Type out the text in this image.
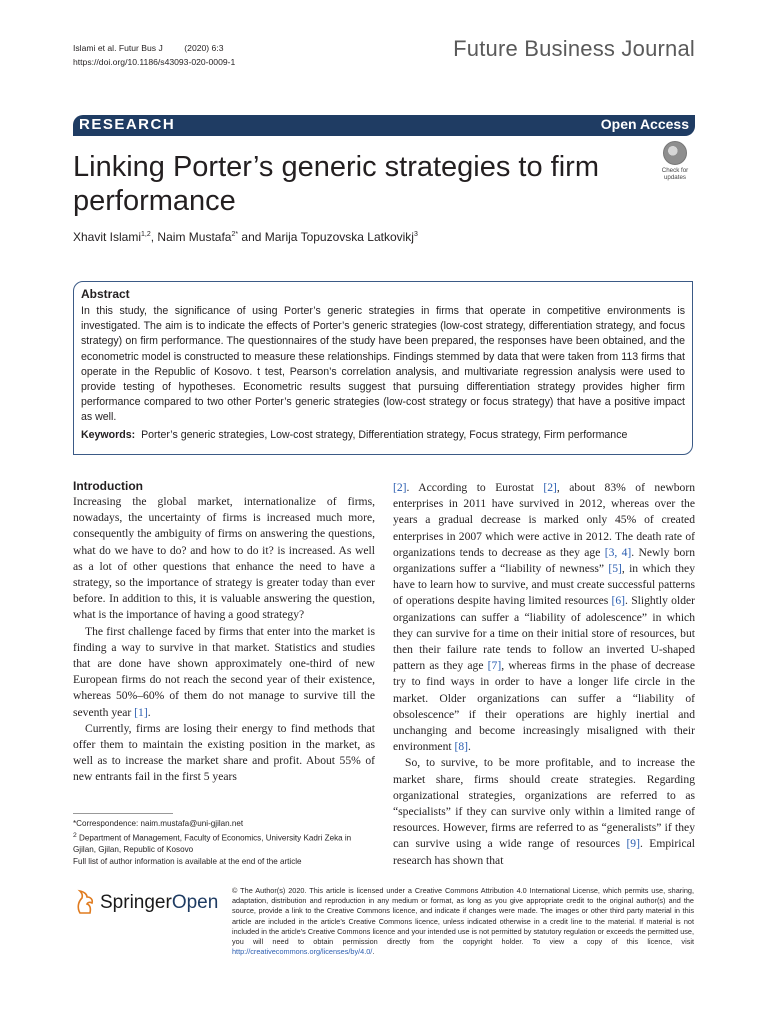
Islami et al. Futur Bus J	(2020) 6:3
https://doi.org/10.1186/s43093-020-0009-1
Future Business Journal
RESEARCH	Open Access
Linking Porter’s generic strategies to firm performance
Check for
updates
Xhavit Islami$^{1,2}$, Naim Mustafa$^{2*}$ and Marija Topuzovska Latkovikj$^3$
Abstract
In this study, the significance of using Porter’s generic strategies in firms that operate in competitive environments is investigated. The aim is to indicate the effects of Porter’s generic strategies (low-cost strategy, differentiation strategy, and focus strategy) on firm performance. The questionnaires of the study have been prepared, the responses have been obtained, and the econometric model is constructed to measure these relationships. Findings stemmed by data that were taken from 113 firms that operate in the Republic of Kosovo. t test, Pearson’s correlation analysis, and multivariate regression analysis were used to provide testing of hypotheses. Econometric results suggest that pursuing differentiation strategy provides higher firm performance compared to two other Porter’s generic strategies (low-cost strategy or focus strategy) that have a positive impact as well.
Keywords: Porter’s generic strategies, Low-cost strategy, Differentiation strategy, Focus strategy, Firm performance
Introduction

Increasing the global market, internationalize of firms, nowadays, the uncertainty of firms is increased much more, consequently the ambiguity of firms on answering the questions, what do we have to do? and how to do it? is increased. As well as a lot of other questions that enhance the need to have a strategy, so the importance of strategy is greater today than ever before. In addition to this, it is valuable answering the question, what is the importance of having a good strategy?

The first challenge faced by firms that enter into the market is finding a way to survive in that market. Statistics and studies that are done have shown approximately one-third of new European firms do not reach the second year of their existence, whereas 50%–60% of them do not manage to survive till the seventh year [1].

Currently, firms are losing their energy to find methods that offer them to maintain the existing position in the market, as well as to increase the market share and profit. About 55% of new entrants fail in the first 5 years

[2]. According to Eurostat [2], about 83% of newborn enterprises in 2011 have survived in 2012, whereas over the years a gradual decrease is marked only 45% of created enterprises in 2007 which were active in 2012. The death rate of organizations tends to decrease as they age [3, 4]. Newly born organizations suffer a “liability of newness” [5], in which they have to learn how to survive, and must create successful patterns of operations despite having limited resources [6]. Slightly older organizations can suffer a “liability of adolescence” in which they can survive for a time on their initial store of resources, but then their failure rate tends to follow an inverted U-shaped pattern as they age [7], whereas firms in the phase of decrease try to find ways in order to have a longer life circle in the market. Older organizations can suffer a “liability of obsolescence” if their operations are highly inertial and unchanging and become increasingly misaligned with their environment [8].

So, to survive, to be more profitable, and to increase the market share, firms should create strategies. Regarding organizational strategies, organizations are referred to as “specialists” if they can survive only within a limited range of resources. However, firms are referred to as “generalists” if they can survive using a wide range of resources [9]. Empirical research has shown that

*Correspondence: naim.mustafa@uni-gjilan.net
$^2$ Department of Management, Faculty of Economics, University Kadri Zeka in Gjilan, Gjilan, Republic of Kosovo
Full list of author information is available at the end of the article
SpringerOpen
© The Author(s) 2020. This article is licensed under a Creative Commons Attribution 4.0 International License, which permits use, sharing, adaptation, distribution and reproduction in any medium or format, as long as you give appropriate credit to the original author(s) and the source, provide a link to the Creative Commons licence, and indicate if changes were made. The images or other third party material in this article are included in the article’s Creative Commons licence, unless indicated otherwise in a credit line to the material. If material is not included in the article’s Creative Commons licence and your intended use is not permitted by statutory regulation or exceeds the permitted use, you will need to obtain permission directly from the copyright holder. To view a copy of this licence, visit http://creativecommons.org/licenses/by/4.0/.
